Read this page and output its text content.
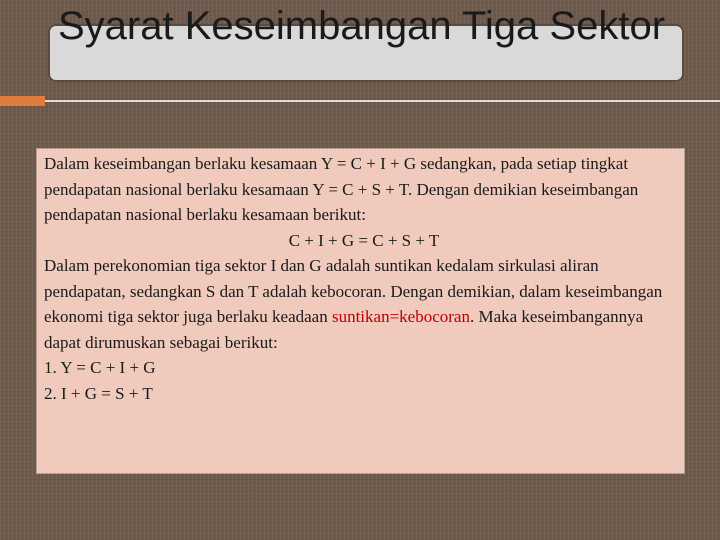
Syarat Keseimbangan Tiga Sektor

Dalam keseimbangan berlaku kesamaan Y = C + I + G sedangkan, pada setiap tingkat pendapatan nasional berlaku kesamaan Y = C + S + T. Dengan demikian keseimbangan pendapatan nasional berlaku kesamaan berikut:

C + I + G = C + S + T

Dalam perekonomian tiga sektor I dan G adalah suntikan kedalam sirkulasi aliran pendapatan, sedangkan S dan T adalah kebocoran. Dengan demikian, dalam keseimbangan ekonomi tiga sektor juga berlaku keadaan suntikan=kebocoran. Maka keseimbangannya dapat dirumuskan sebagai berikut:

1. Y = C + I + G

2. I + G = S + T
